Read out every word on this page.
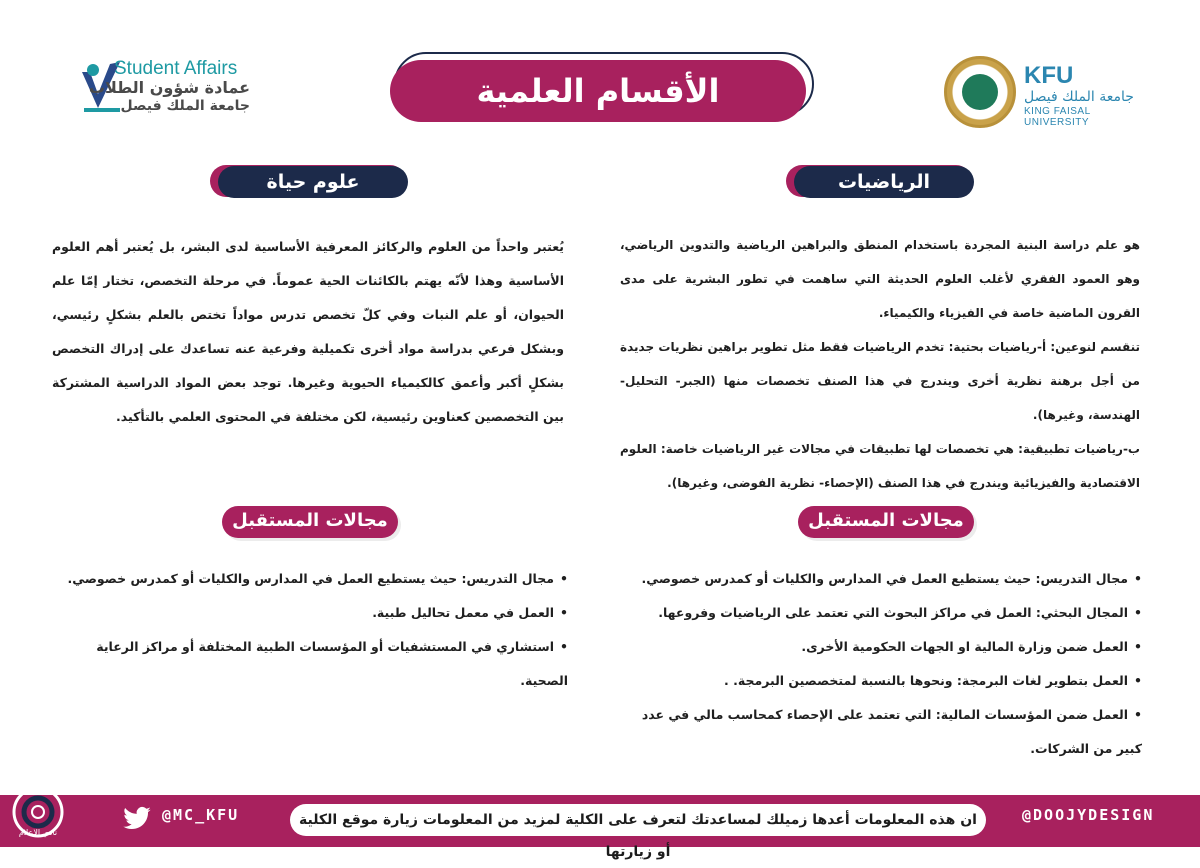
KFU
جامعة الملك فيصل
KING FAISAL UNIVERSITY
Student Affairs
عمادة شؤون الطلاب
جامعة الملك فيصل	الأقسام العلمية
الرياضيات

هو علم دراسة البنية المجردة باستخدام المنطق والبراهين الرياضية والتدوين الرياضي، وهو العمود الفقري لأغلب العلوم الحديثة التي ساهمت في تطور البشرية على مدى القرون الماضية خاصة في الفيزياء والكيمياء.

تنقسم لنوعين: أ-رياضيات بحتية: تخدم الرياضيات فقط مثل تطوير براهين نظريات جديدة من أجل برهنة نظرية أخرى ويندرج في هذا الصنف تخصصات منها (الجبر- التحليل-الهندسة، وغيرها).

ب-رياضيات تطبيقية: هي تخصصات لها تطبيقات في مجالات غير الرياضيات خاصة: العلوم الاقتصادية والفيزيائية ويندرج في هذا الصنف (الإحصاء- نظرية الفوضى، وغيرها).

مجالات المستقبل
• مجال التدريس: حيث يستطيع العمل في المدارس والكليات أو كمدرس خصوصي.
• المجال البحثي: العمل في مراكز البحوث التي تعتمد على الرياضيات وفروعها.
• العمل ضمن وزارة المالية او الجهات الحكومية الأخرى.
• العمل بتطوير لغات البرمجة: ونحوها بالنسبة لمتخصصين البرمجة. .
• العمل ضمن المؤسسات المالية: التي تعتمد على الإحصاء كمحاسب مالي في عدد كبير من الشركات.
علوم حياة

يُعتبر واحداً من العلوم والركائز المعرفية الأساسية لدى البشر، بل يُعتبر أهم العلوم الأساسية وهذا لأنّه يهتم بالكائنات الحية عموماً. في مرحلة التخصص، تختار إمّا علم الحيوان، أو علم النبات وفي كلّ تخصص تدرس مواداً تختص بالعلم بشكلٍ رئيسي، وبشكل فرعي بدراسة مواد أخرى تكميلية وفرعية عنه تساعدك على إدراك التخصص بشكلٍ أكبر وأعمق كالكيمياء الحيوية وغيرها. توجد بعض المواد الدراسية المشتركة بين التخصصين كعناوين رئيسية، لكن مختلفة في المحتوى العلمي بالتأكيد.

مجالات المستقبل
• مجال التدريس: حيث يستطيع العمل في المدارس والكليات أو كمدرس خصوصي.
• العمل في معمل تحاليل طبية.
• استشاري في المستشفيات أو المؤسسات الطبية المختلفة أو مراكز الرعاية الصحية.
ان هذه المعلومات أعدها زميلك لمساعدتك لتعرف على الكلية لمزيد من المعلومات زيارة موقع الكلية أو زيارتها
@MC_KFU	@DOOJYDESIGN
نادي الإعلام
